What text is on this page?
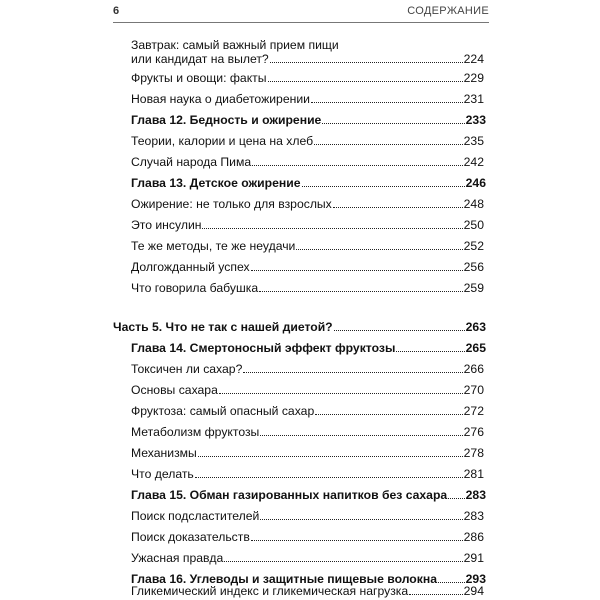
6	СОДЕРЖАНИЕ
Завтрак: самый важный прием пищи
или кандидат на вылет?	224
Фрукты и овощи: факты	229
Новая наука о диабетожирении	231
Глава 12. Бедность и ожирение	233
Теории, калории и цена на хлеб	235
Случай народа Пима	242
Глава 13. Детское ожирение	246
Ожирение: не только для взрослых	248
Это инсулин	250
Те же методы, те же неудачи	252
Долгожданный успех	256
Что говорила бабушка	259
Часть 5. Что не так с нашей диетой?	263
Глава 14. Смертоносный эффект фруктозы	265
Токсичен ли сахар?	266
Основы сахара	270
Фруктоза: самый опасный сахар	272
Метаболизм фруктозы	276
Механизмы	278
Что делать	281
Глава 15. Обман газированных напитков без сахара 283
Поиск подсластителей	283
Поиск доказательств	286
Ужасная правда	291
Глава 16. Углеводы и защитные пищевые волокна 293
Гликемический индекс и гликемическая нагрузка	294
